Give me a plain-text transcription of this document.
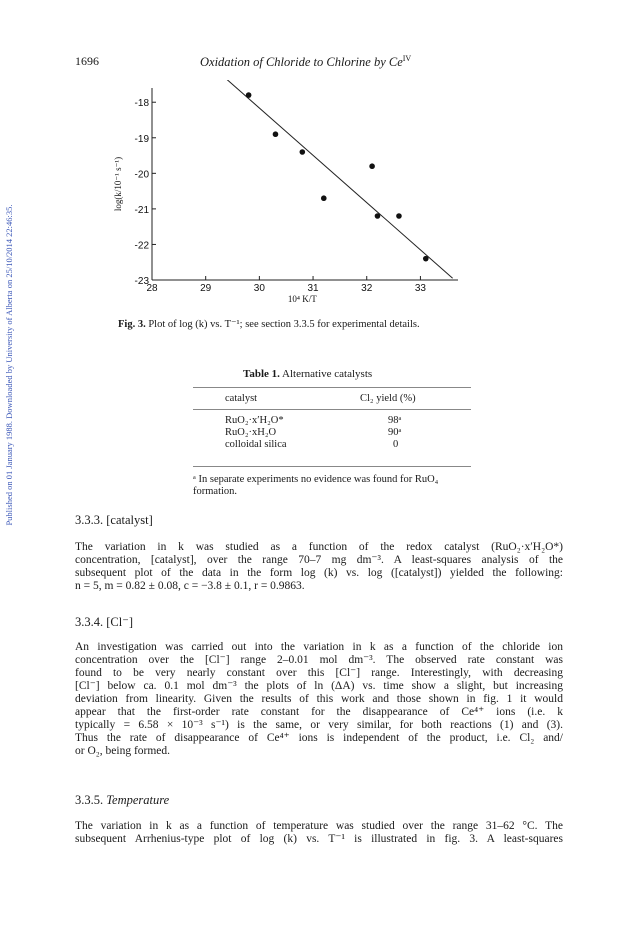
Published on 01 January 1988. Downloaded by University of Alberta on 25/10/2014 22:46:35.
1696	Oxidation of Chloride to Chlorine by $Ce^{IV}$
28	29	30	31	32	33
-18
-19
-20
-21
-22
-23
10⁴ K/T
log(k/10⁻¹ s⁻¹)
Fig. 3. Plot of log (k) vs. T⁻¹; see section 3.3.5 for experimental details.
Table 1. Alternative catalysts
catalyst	Cl₂ yield (%)
RuO₂·x′H₂O*	98ᵃ
RuO₂·xH₂O	90ᵃ
colloidal silica	0
ᵃ In separate experiments no evidence was found for RuO₄ formation.
3.3.3. [catalyst]
The variation in k was studied as a function of the redox catalyst (RuO₂·x′H₂O*)
concentration, [catalyst], over the range 70–7 mg dm⁻³. A least-squares analysis of the
subsequent plot of the data in the form log (k) vs. log ([catalyst]) yielded the following:
n = 5, m = 0.82 ± 0.08, c = −3.8 ± 0.1, r = 0.9863.
3.3.4. [Cl⁻]
An investigation was carried out into the variation in k as a function of the chloride ion
concentration over the [Cl⁻] range 2–0.01 mol dm⁻³. The observed rate constant was
found to be very nearly constant over this [Cl⁻] range. Interestingly, with decreasing
[Cl⁻] below ca. 0.1 mol dm⁻³ the plots of ln (ΔA) vs. time show a slight, but increasing
deviation from linearity. Given the results of this work and those shown in fig. 1 it would
appear that the first-order rate constant for the disappearance of Ce⁴⁺ ions (i.e. k
typically = 6.58 × 10⁻³ s⁻¹) is the same, or very similar, for both reactions (1) and (3).
Thus the rate of disappearance of Ce⁴⁺ ions is independent of the product, i.e. Cl₂ and/
or O₂, being formed.
3.3.5. Temperature
The variation in k as a function of temperature was studied over the range 31–62 °C. The
subsequent Arrhenius-type plot of log (k) vs. T⁻¹ is illustrated in fig. 3. A least-squares
